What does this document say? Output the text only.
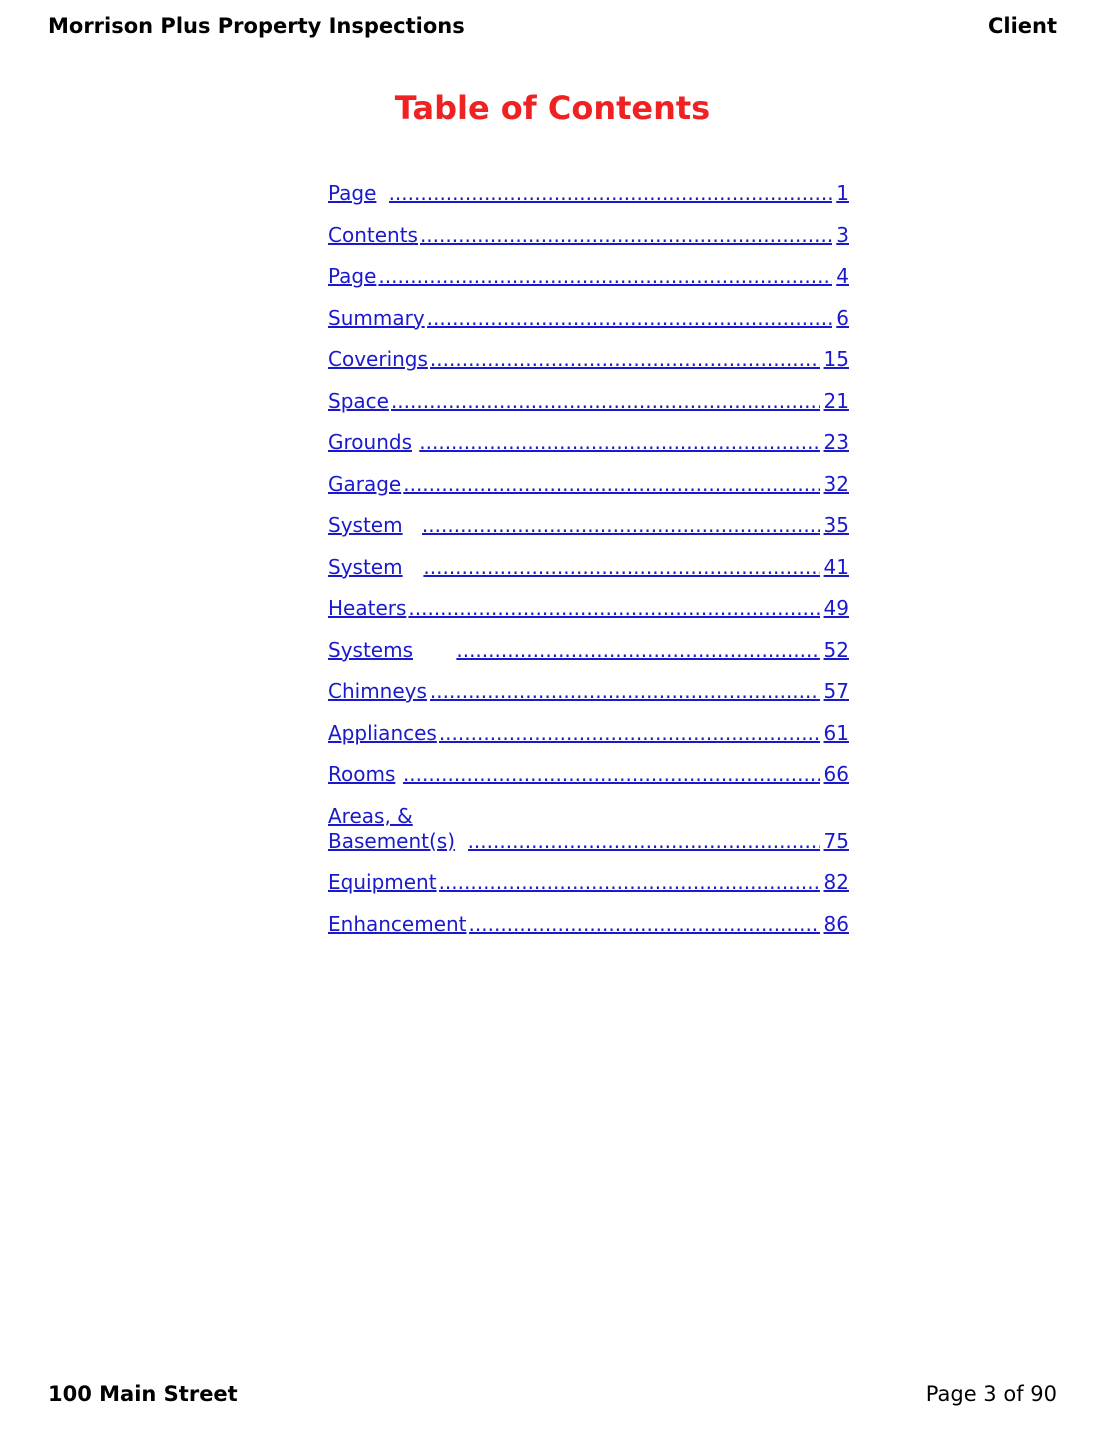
Morrison Plus Property Inspections	Client
Table of Contents
Page .....	1
Contents .....	3
Page .....	4
Summary .....	6
Coverings .....	15
Space .....	21
Grounds .....	23
Garage .....	32
System .....	35
System .....	41
Heaters .....	49
Systems .....	52
Chimneys .....	57
Appliances .....	61
Rooms .....	66
Areas, & Basement(s) .....	75
Equipment .....	82
Enhancement .....	86
100 Main Street	Page 3 of 90
